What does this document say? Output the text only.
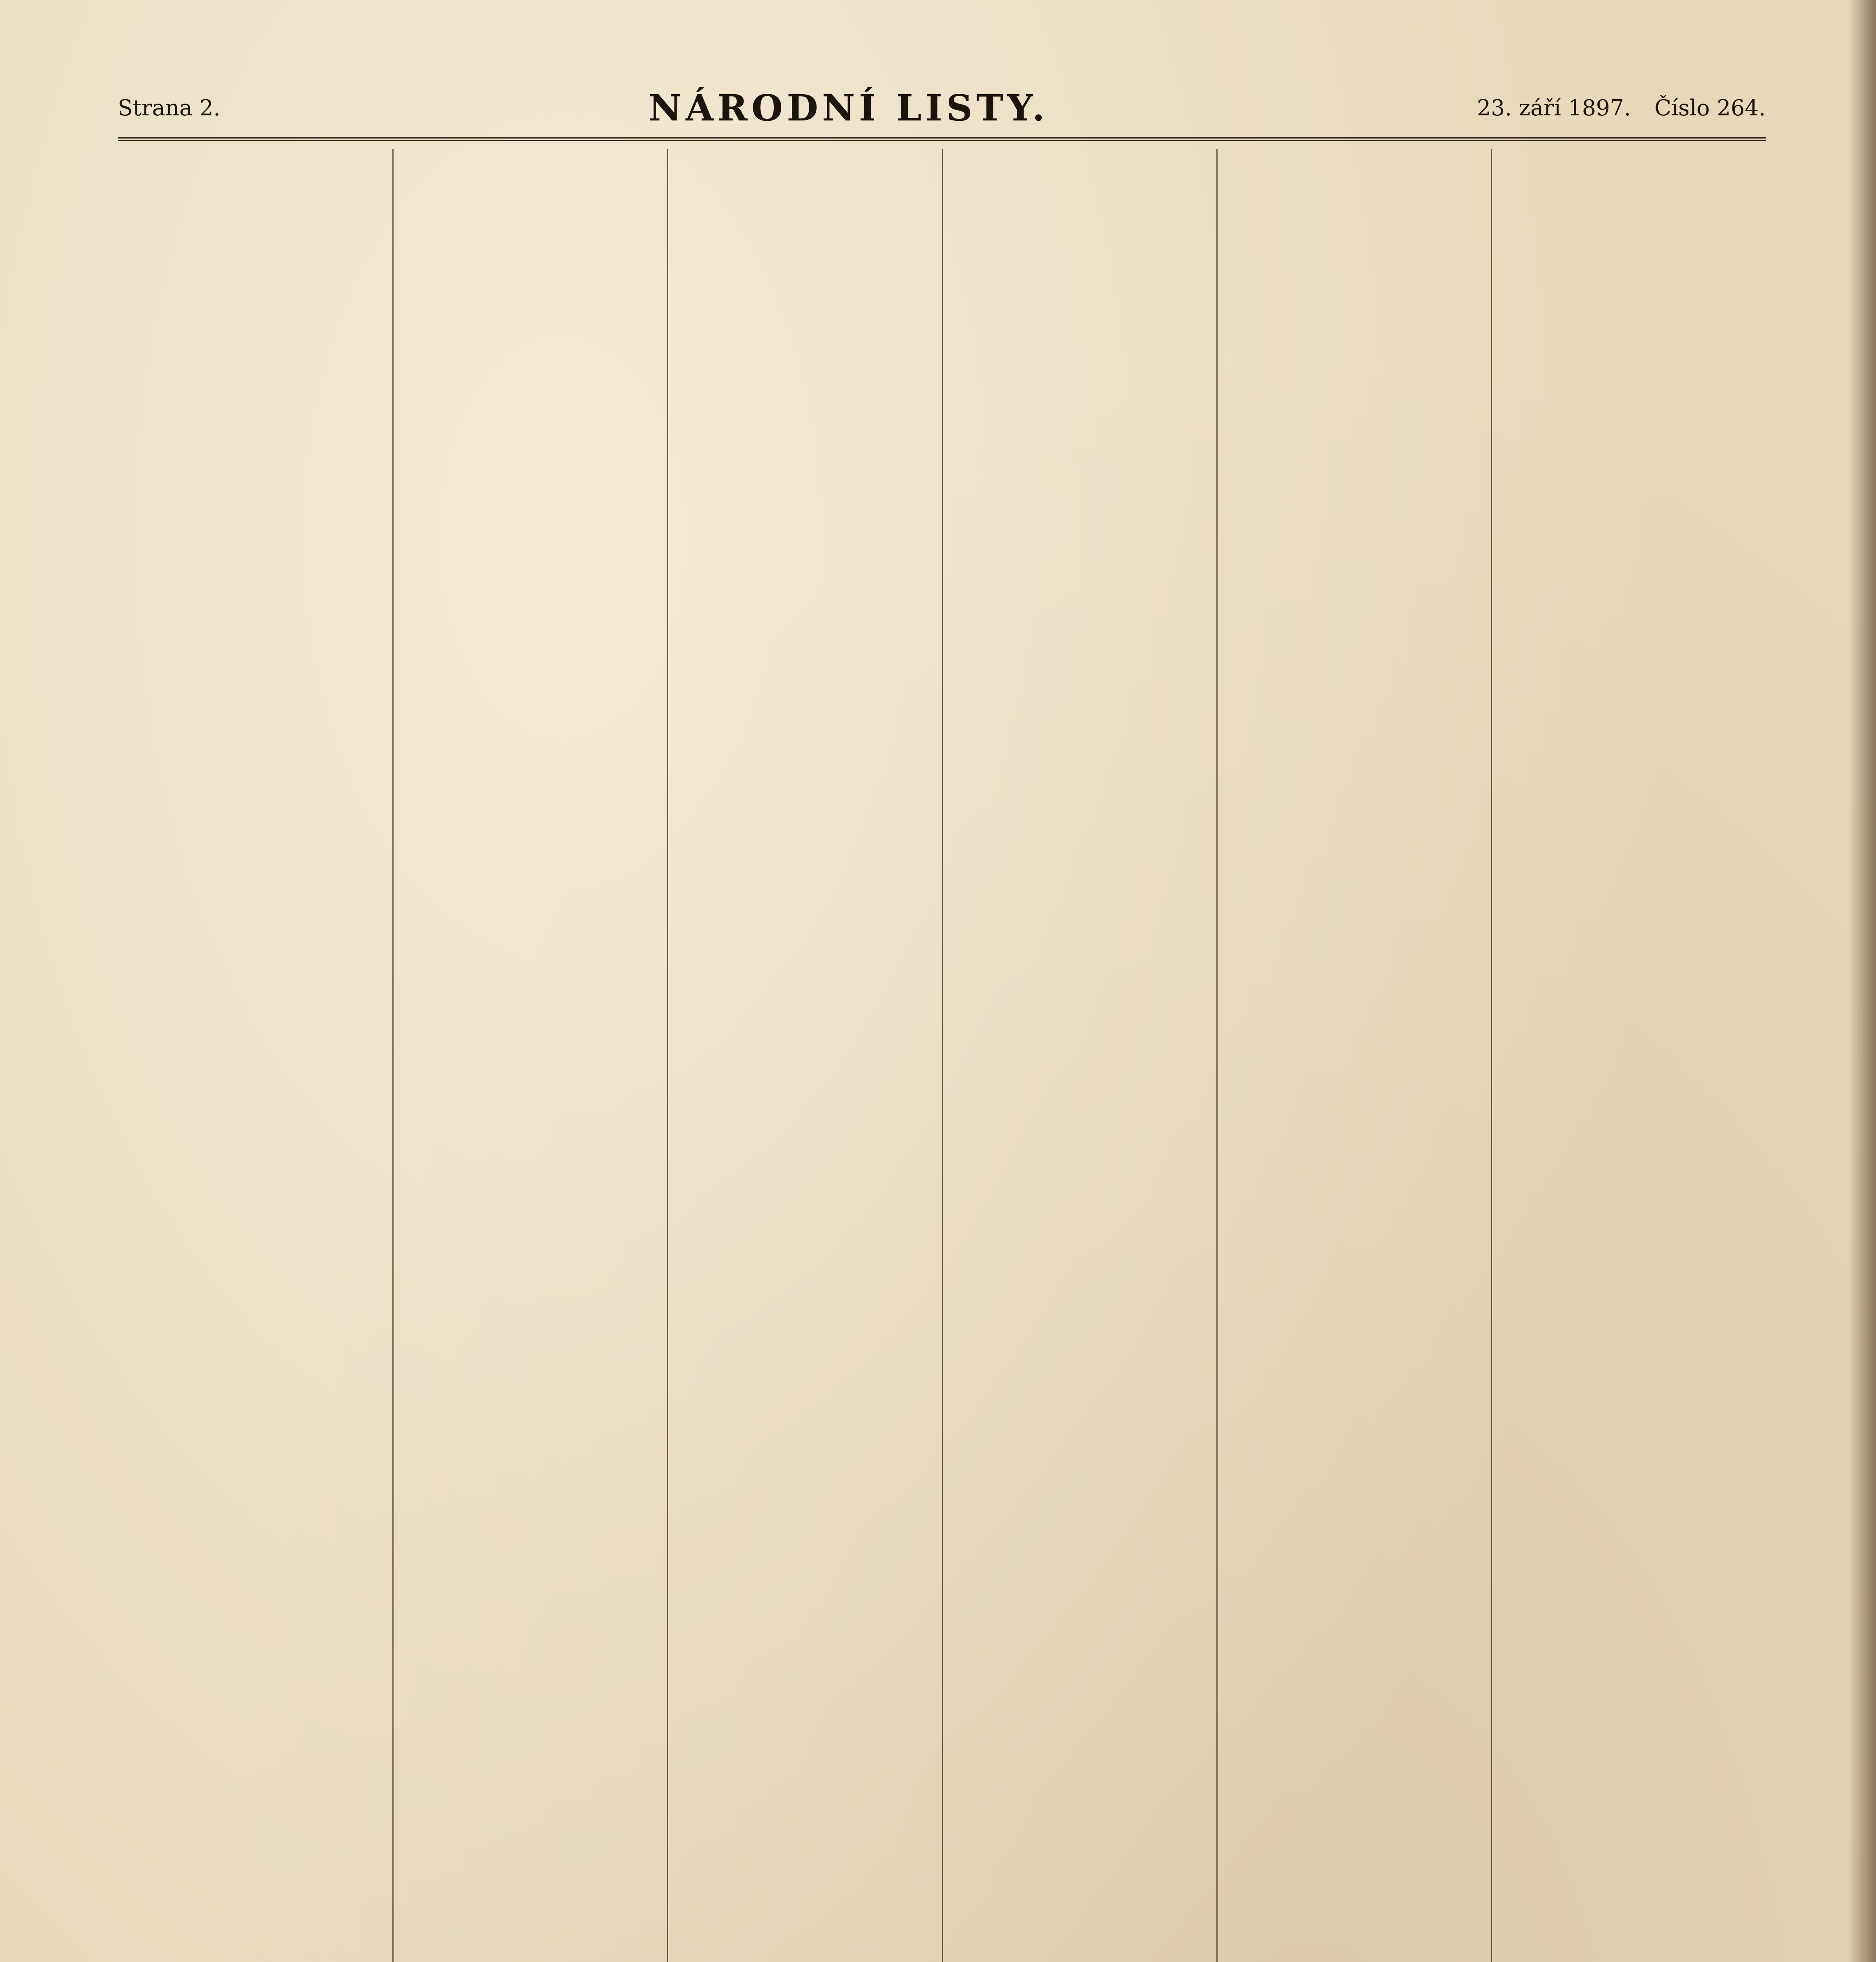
Strana 2.	NÁRODNÍ LISTY.	23. září 1897. Číslo 264.
